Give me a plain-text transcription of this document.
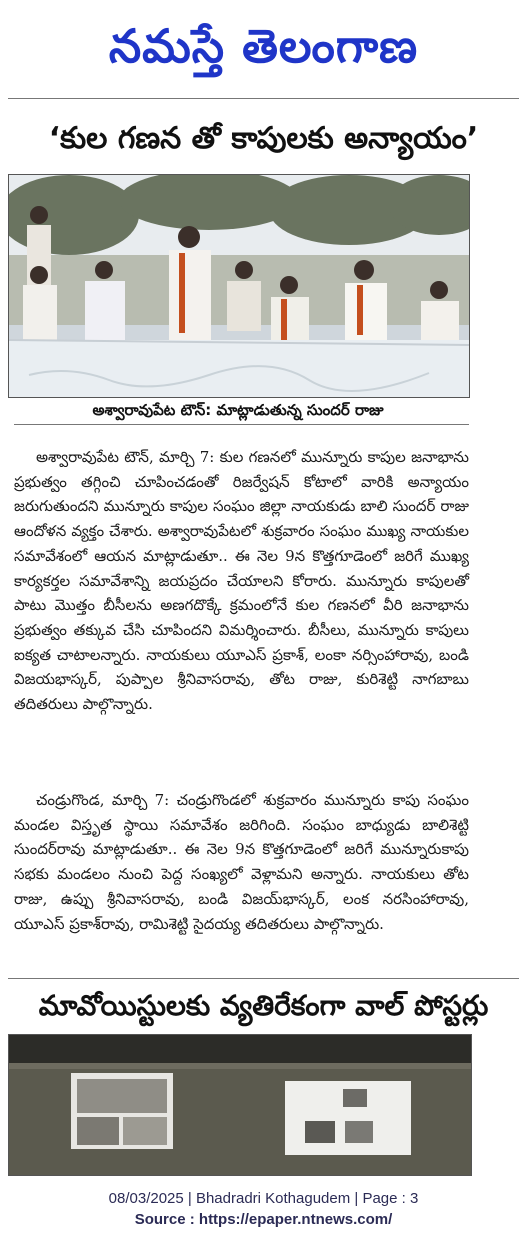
నమస్తే తెలంగాణ
‘కుల గణన తో కాపులకు అన్యాయం’
అశ్వారావుపేట టౌన్: మాట్లాడుతున్న సుందర్ రాజు

అశ్వారావుపేట టౌన్, మార్చి 7: కుల గణనలో మున్నూరు కాపుల జనాభాను ప్రభుత్వం తగ్గించి చూపించడంతో రిజర్వేషన్ కోటాలో వారికి అన్యాయం జరుగుతుందని మున్నూరు కాపుల సంఘం జిల్లా నాయకుడు బాలి సుందర్ రాజు ఆందోళన వ్యక్తం చేశారు. అశ్వారావుపేటలో శుక్రవారం సంఘం ముఖ్య నాయకుల సమావేశంలో ఆయన మాట్లాడుతూ.. ఈ నెల 9న కొత్తగూడెంలో జరిగే ముఖ్య కార్యకర్తల సమావేశాన్ని జయప్రదం చేయాలని కోరారు. మున్నూరు కాపులతో పాటు మొత్తం బీసీలను అణగదొక్కే క్రమంలోనే కుల గణనలో వీరి జనాభాను ప్రభుత్వం తక్కువ చేసి చూపిందని విమర్శించారు. బీసీలు, మున్నూరు కాపులు ఐక్యత చాటాలన్నారు. నాయకులు యూఎస్ ప్రకాశ్, లంకా నర్సింహారావు, బండి విజయభాస్కర్, పుప్పాల శ్రీనివాసరావు, తోట రాజు, కురిశెట్టి నాగబాబు తదితరులు పాల్గొన్నారు.

చండ్రుగొండ, మార్చి 7: చండ్రుగొండలో శుక్రవారం మున్నూరు కాపు సంఘం మండల విస్తృత స్థాయి సమావేశం జరిగింది. సంఘం బాధ్యుడు బాలిశెట్టి సుందర్‌రావు మాట్లాడుతూ.. ఈ నెల 9న కొత్తగూడెంలో జరిగే మున్నూరుకాపు సభకు మండలం నుంచి పెద్ద సంఖ్యలో వెళ్లామని అన్నారు. నాయకులు తోట రాజు, ఉప్పు శ్రీనివాసరావు, బండి విజయ్‌భాస్కర్, లంక నరసింహారావు, యూఎస్ ప్రకాశ్‌రావు, రామిశెట్టి సైదయ్య తదితరులు పాల్గొన్నారు.

మావోయిస్టులకు వ్యతిరేకంగా వాల్ పోస్టర్లు
08/03/2025 | Bhadradri Kothagudem | Page : 3
Source : https://epaper.ntnews.com/
